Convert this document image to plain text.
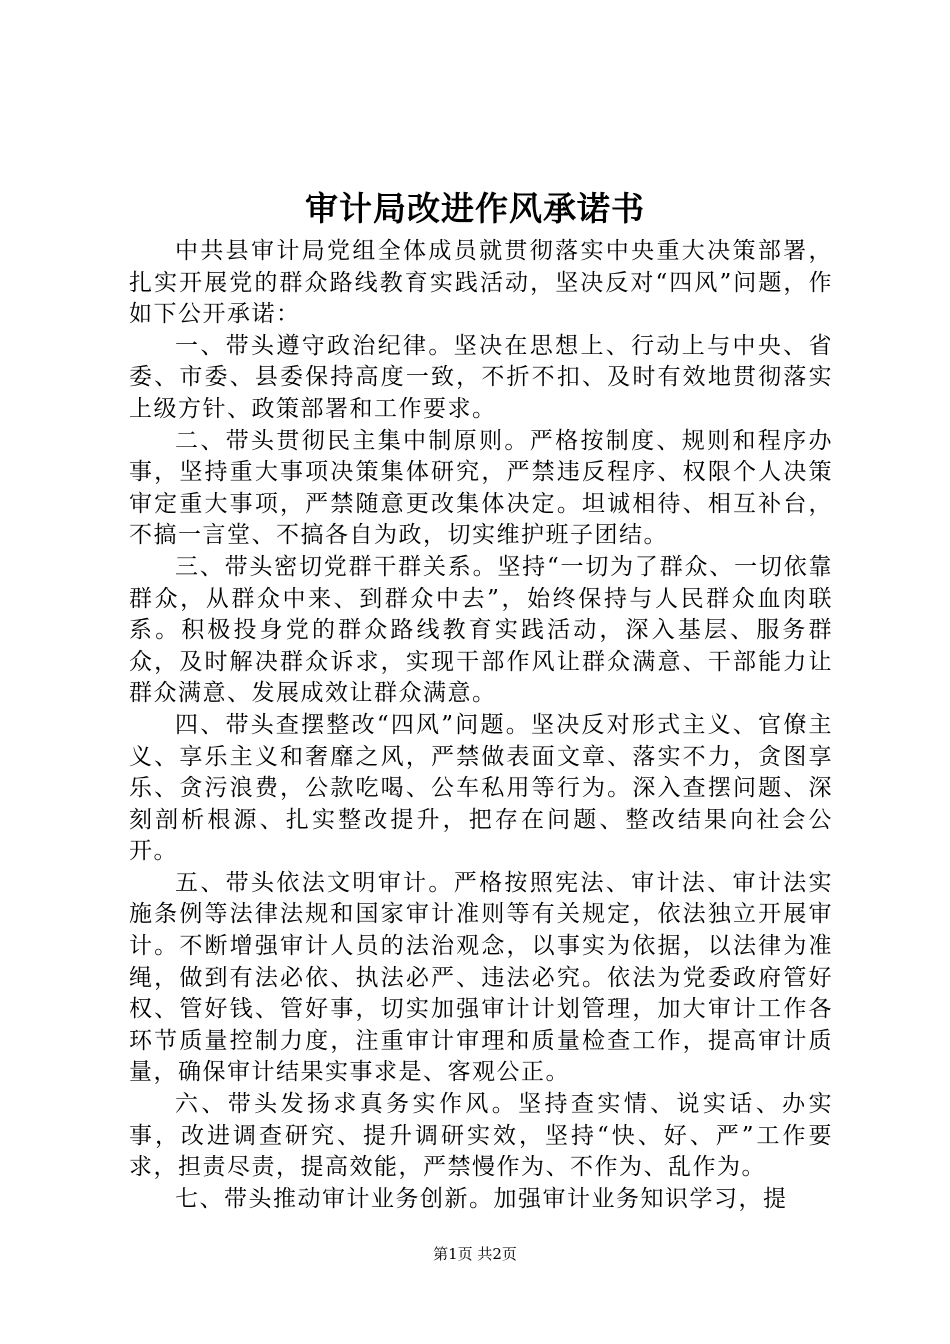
审计局改进作风承诺书

中共县审计局党组全体成员就贯彻落实中央重大决策部署，扎实开展党的群众路线教育实践活动，坚决反对“四风”问题，作如下公开承诺：

一、带头遵守政治纪律。坚决在思想上、行动上与中央、省委、市委、县委保持高度一致，不折不扣、及时有效地贯彻落实上级方针、政策部署和工作要求。

二、带头贯彻民主集中制原则。严格按制度、规则和程序办事，坚持重大事项决策集体研究，严禁违反程序、权限个人决策审定重大事项，严禁随意更改集体决定。坦诚相待、相互补台，不搞一言堂、不搞各自为政，切实维护班子团结。

三、带头密切党群干群关系。坚持“一切为了群众、一切依靠群众，从群众中来、到群众中去”，始终保持与人民群众血肉联系。积极投身党的群众路线教育实践活动，深入基层、服务群众，及时解决群众诉求，实现干部作风让群众满意、干部能力让群众满意、发展成效让群众满意。

四、带头查摆整改“四风”问题。坚决反对形式主义、官僚主义、享乐主义和奢靡之风，严禁做表面文章、落实不力，贪图享乐、贪污浪费，公款吃喝、公车私用等行为。深入查摆问题、深刻剖析根源、扎实整改提升，把存在问题、整改结果向社会公开。

五、带头依法文明审计。严格按照宪法、审计法、审计法实施条例等法律法规和国家审计准则等有关规定，依法独立开展审计。不断增强审计人员的法治观念，以事实为依据，以法律为准绳，做到有法必依、执法必严、违法必究。依法为党委政府管好权、管好钱、管好事，切实加强审计计划管理，加大审计工作各环节质量控制力度，注重审计审理和质量检查工作，提高审计质量，确保审计结果实事求是、客观公正。

六、带头发扬求真务实作风。坚持查实情、说实话、办实事，改进调查研究、提升调研实效，坚持“快、好、严”工作要求，担责尽责，提高效能，严禁慢作为、不作为、乱作为。

七、带头推动审计业务创新。加强审计业务知识学习，提

第1页 共2页
